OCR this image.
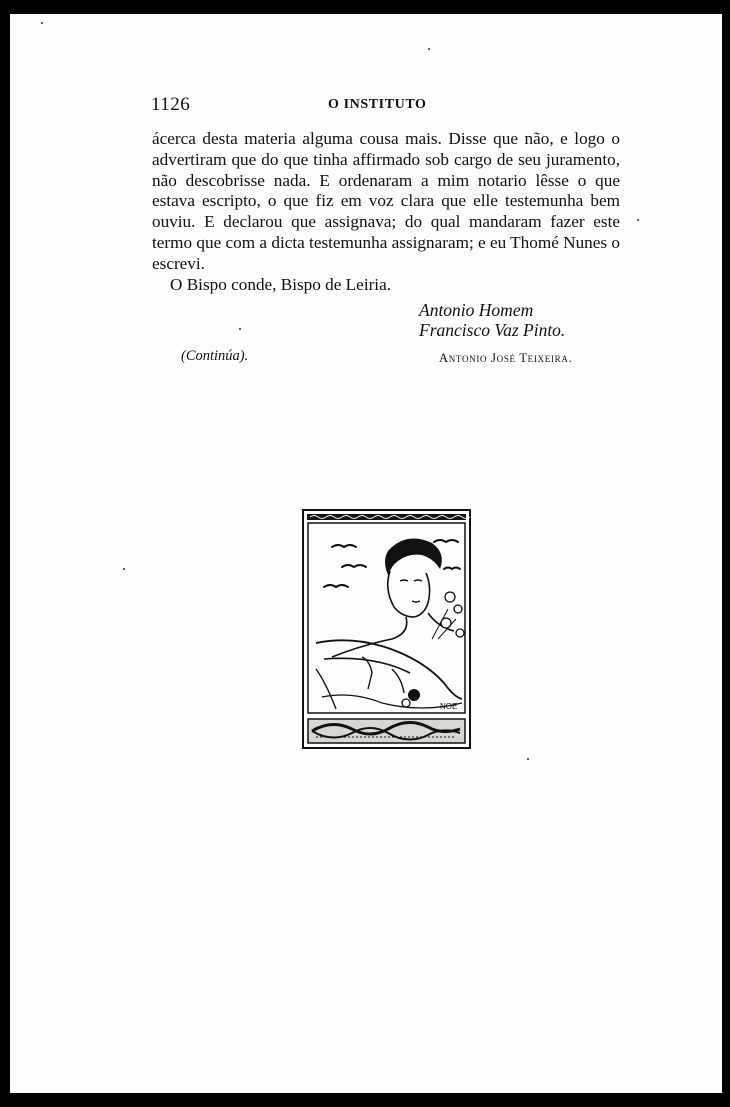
1126	O INSTITUTO

ácerca desta materia alguma cousa mais. Disse que não, e logo o advertiram que do que tinha affirmado sob cargo de seu juramento, não descobrisse nada. E ordenaram a mim notario lêsse o que estava escripto, o que fiz em voz clara que elle testemunha bem ouviu. E declarou que assignava; do qual mandaram fazer este termo que com a dicta testemunha assignaram; e eu Thomé Nunes o escrevi.

O Bispo conde, Bispo de Leiria.

Antonio Homem
Francisco Vaz Pinto.
(Continúa).	Antonio José Teixeira.
NOE
